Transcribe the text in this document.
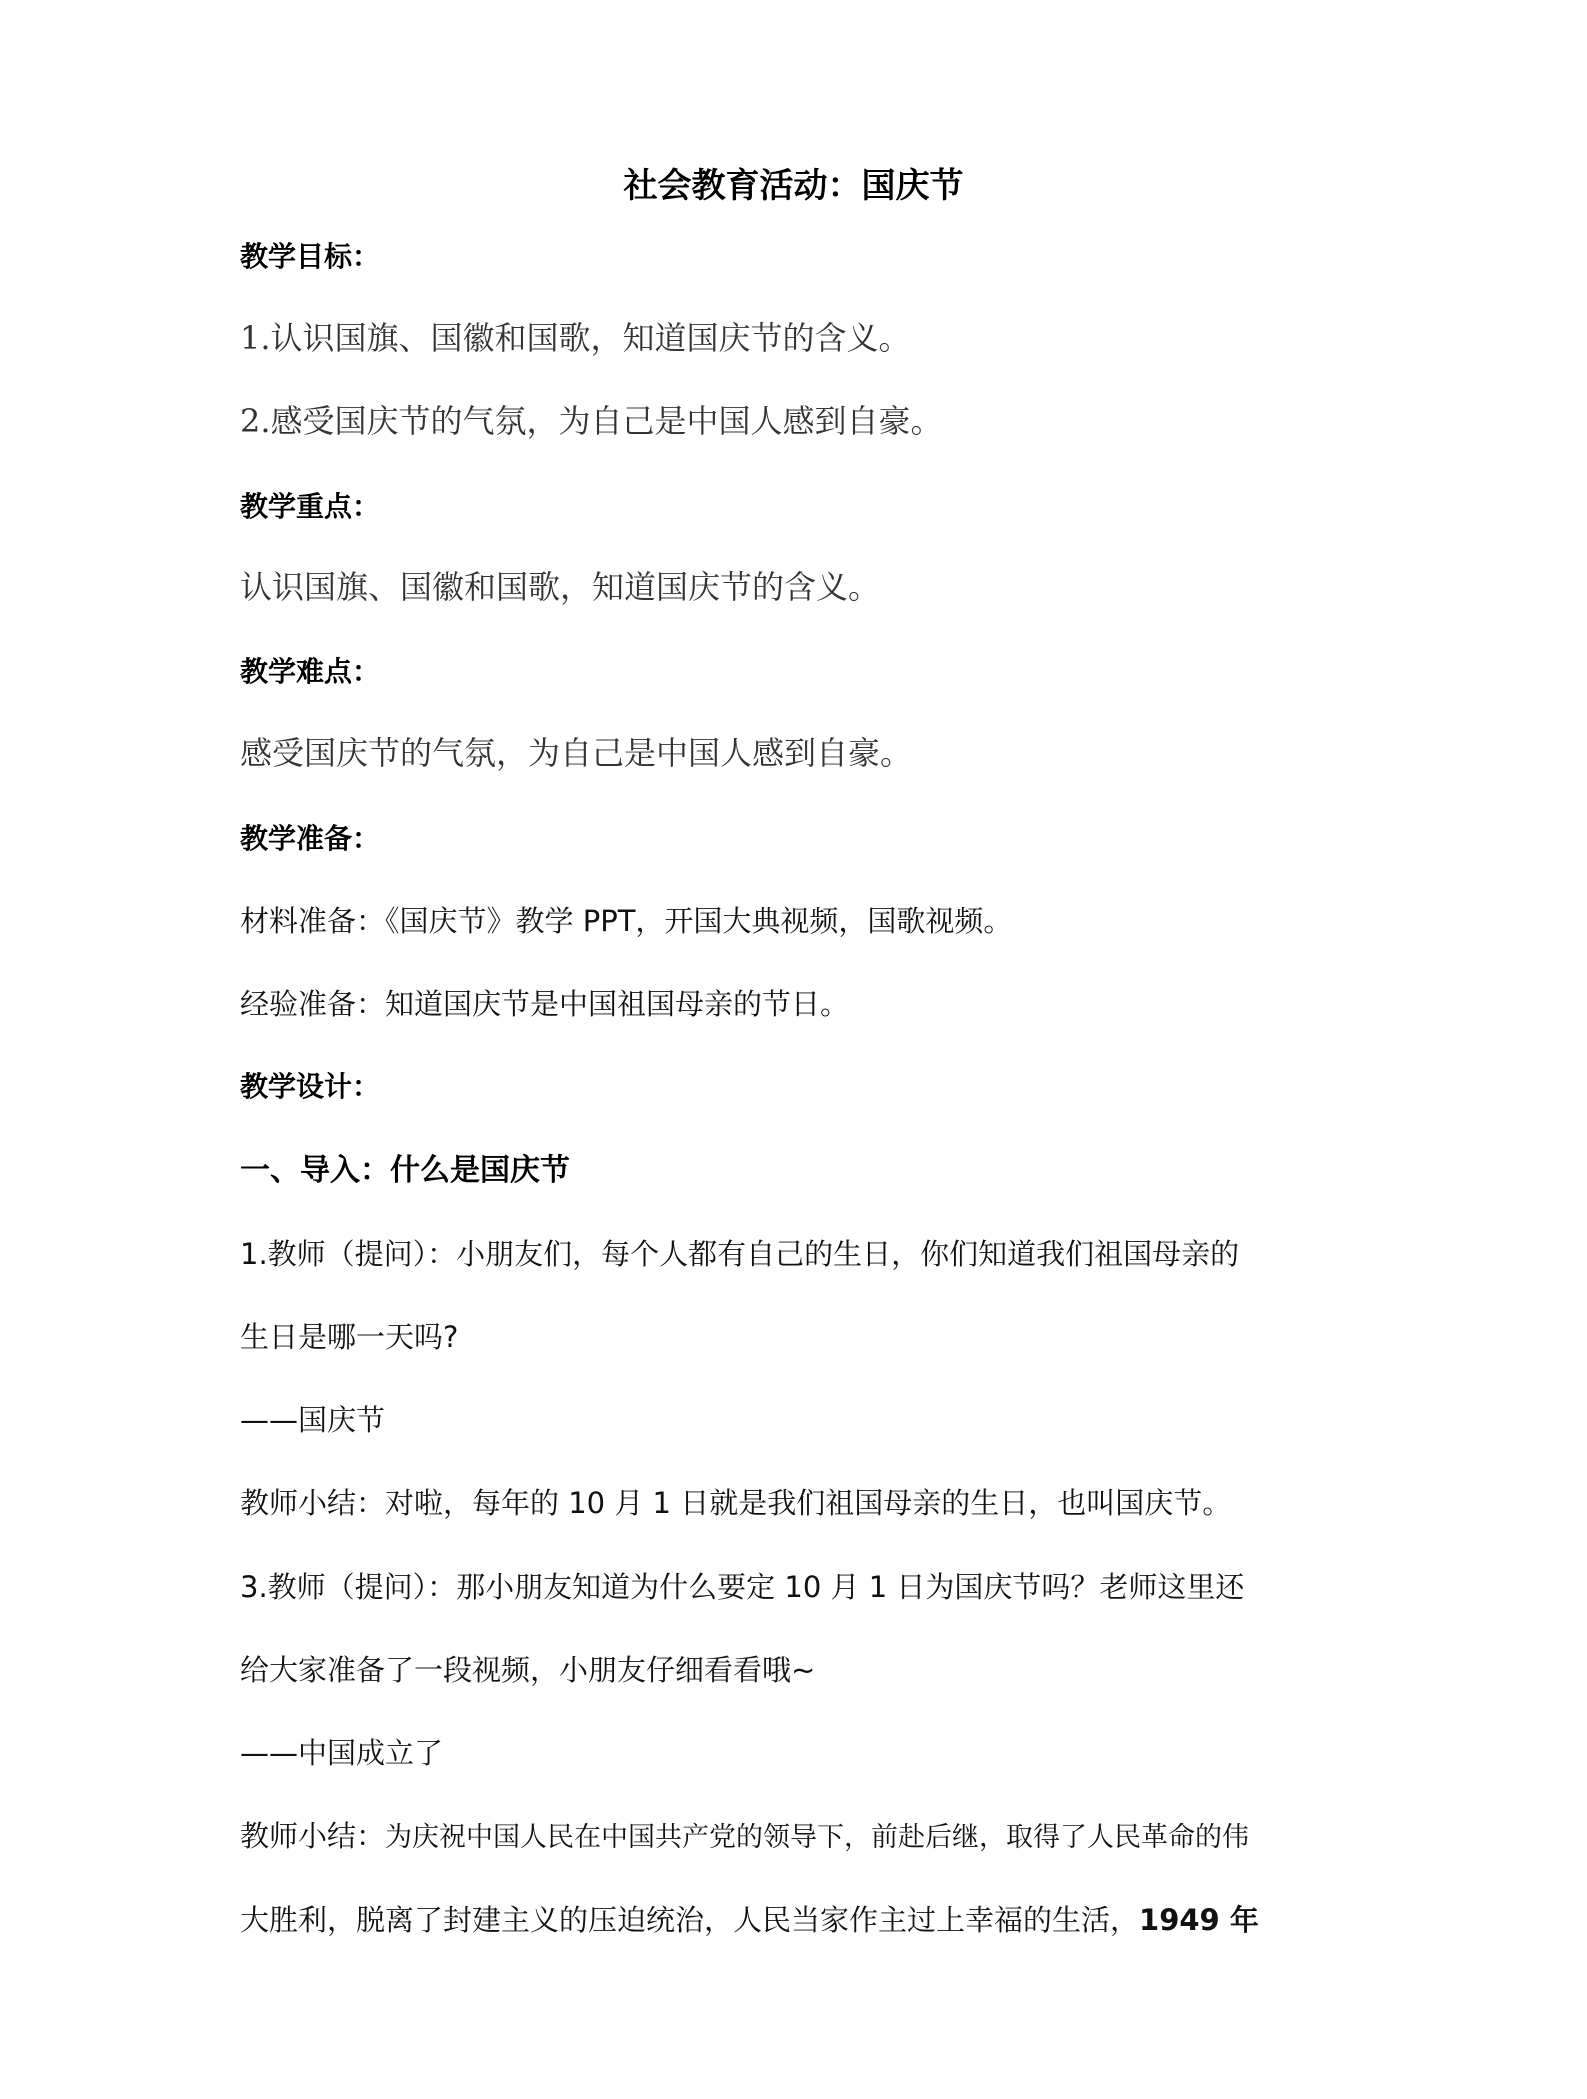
社会教育活动：国庆节
教学目标：
1.认识国旗、国徽和国歌，知道国庆节的含义。
2.感受国庆节的气氛，为自己是中国人感到自豪。
教学重点：
认识国旗、国徽和国歌，知道国庆节的含义。
教学难点：
感受国庆节的气氛，为自己是中国人感到自豪。
教学准备：
材料准备：《国庆节》教学 PPT，开国大典视频，国歌视频。
经验准备：知道国庆节是中国祖国母亲的节日。
教学设计：
一、导入：什么是国庆节
1.教师（提问）：小朋友们，每个人都有自己的生日，你们知道我们祖国母亲的
生日是哪一天吗?
——国庆节
教师小结：对啦，每年的 10 月 1 日就是我们祖国母亲的生日，也叫国庆节。
3.教师（提问）：那小朋友知道为什么要定 10 月 1 日为国庆节吗？老师这里还
给大家准备了一段视频，小朋友仔细看看哦~
——中国成立了
教师小结：为庆祝中国人民在中国共产党的领导下，前赴后继，取得了人民革命的伟
大胜利，脱离了封建主义的压迫统治，人民当家作主过上幸福的生活，1949 年
